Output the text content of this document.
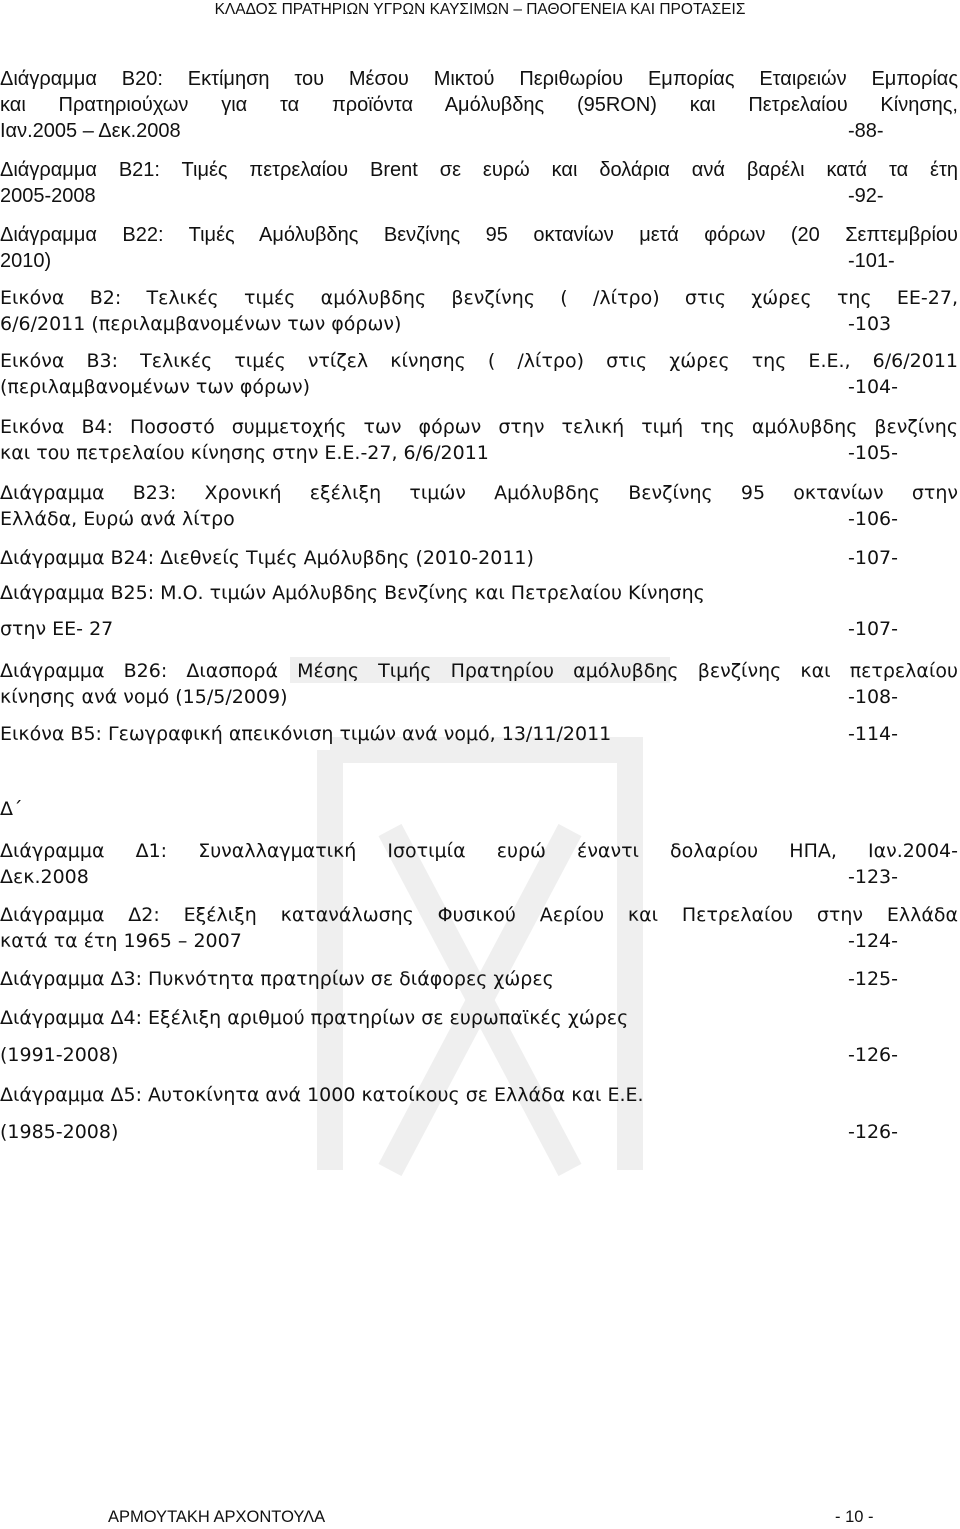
ΚΛΑΔΟΣ ΠΡΑΤΗΡΙΩΝ ΥΓΡΩΝ ΚΑΥΣΙΜΩΝ – ΠΑΘΟΓΕΝΕΙΑ ΚΑΙ ΠΡΟΤΑΣΕΙΣ
Διάγραμμα Β20: Εκτίμηση του Μέσου Μικτού Περιθωρίου Εμπορίας Εταιρειών Εμπορίας
και Πρατηριούχων για τα προϊόντα Αμόλυβδης (95RON) και Πετρελαίου Κίνησης,
Ιαν.2005 – Δεκ.2008	-88-
Διάγραμμα Β21: Τιμές πετρελαίου Brent σε ευρώ και δολάρια ανά βαρέλι κατά τα έτη
2005-2008	-92-
Διάγραμμα Β22: Τιμές Αμόλυβδης Βενζίνης 95 οκτανίων μετά φόρων (20 Σεπτεμβρίου
2010)	-101-
Εικόνα Β2: Τελικές τιμές αμόλυβδης βενζίνης ( /λίτρο) στις χώρες της ΕΕ-27,
6/6/2011 (περιλαμβανομένων των φόρων)	-103
Εικόνα Β3: Τελικές τιμές ντίζελ κίνησης ( /λίτρο) στις χώρες της Ε.Ε., 6/6/2011
(περιλαμβανομένων των φόρων)	-104-
Εικόνα Β4: Ποσοστό συμμετοχής των φόρων στην τελική τιμή της αμόλυβδης βενζίνης
και του πετρελαίου κίνησης στην Ε.Ε.-27, 6/6/2011	-105-
Διάγραμμα Β23: Χρονική εξέλιξη τιμών Αμόλυβδης Βενζίνης 95 οκτανίων στην
Ελλάδα, Ευρώ ανά λίτρο	-106-
Διάγραμμα Β24: Διεθνείς Τιμές Αμόλυβδης (2010-2011)	-107-
Διάγραμμα Β25: Μ.Ο. τιμών Αμόλυβδης Βενζίνης και Πετρελαίου Κίνησης
στην ΕΕ- 27	-107-
Διάγραμμα Β26: Διασπορά Μέσης Τιμής Πρατηρίου αμόλυβδης βενζίνης και πετρελαίου
κίνησης ανά νομό (15/5/2009)	-108-
Εικόνα Β5: Γεωγραφική απεικόνιση τιμών ανά νομό, 13/11/2011	-114-
Δ΄
Διάγραμμα Δ1: Συναλλαγματική Ισοτιμία ευρώ έναντι δολαρίου ΗΠΑ, Ιαν.2004-
Δεκ.2008	-123-
Διάγραμμα Δ2: Εξέλιξη κατανάλωσης Φυσικού Αερίου και Πετρελαίου στην Ελλάδα
κατά τα έτη 1965 – 2007	-124-
Διάγραμμα Δ3: Πυκνότητα πρατηρίων σε διάφορες χώρες	-125-
Διάγραμμα Δ4: Εξέλιξη αριθμού πρατηρίων σε ευρωπαϊκές χώρες
(1991-2008)	-126-
Διάγραμμα Δ5: Αυτοκίνητα ανά 1000 κατοίκους σε Ελλάδα και Ε.Ε.
(1985-2008)	-126-
ΑΡΜΟΥΤΑΚΗ ΑΡΧΟΝΤΟΥΛΑ	- 10 -
